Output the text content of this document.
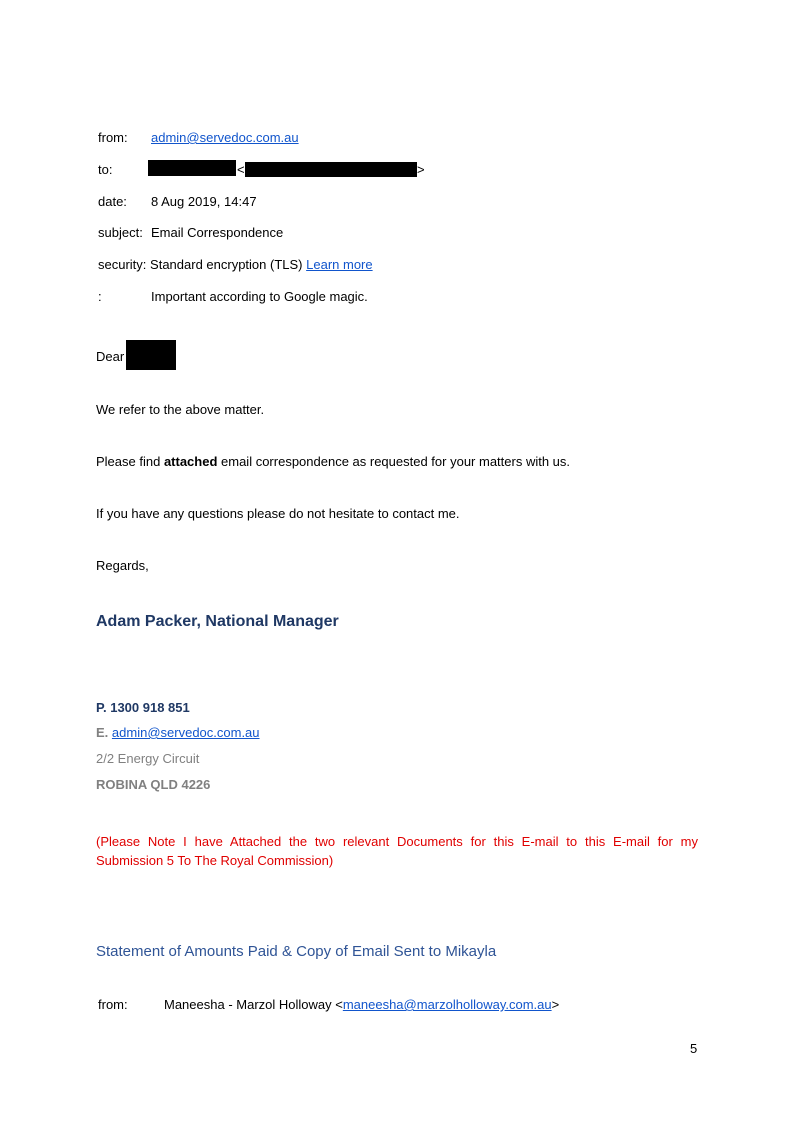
from: admin@servedoc.com.au
to:	<	>
date: 8 Aug 2019, 14:47
subject: Email Correspondence
security: Standard encryption (TLS) Learn more
:	Important according to Google magic.
Dear
We refer to the above matter.
Please find attached email correspondence as requested for your matters with us.
If you have any questions please do not hesitate to contact me.
Regards,
Adam Packer, National Manager
P. 1300 918 851
E. admin@servedoc.com.au
2/2 Energy Circuit
ROBINA QLD 4226
(Please Note I have Attached the two relevant Documents for this E-mail to this E-mail for my Submission 5 To The Royal Commission)
Statement of Amounts Paid & Copy of Email Sent to Mikayla
from:	Maneesha - Marzol Holloway <maneesha@marzolholloway.com.au>
5
